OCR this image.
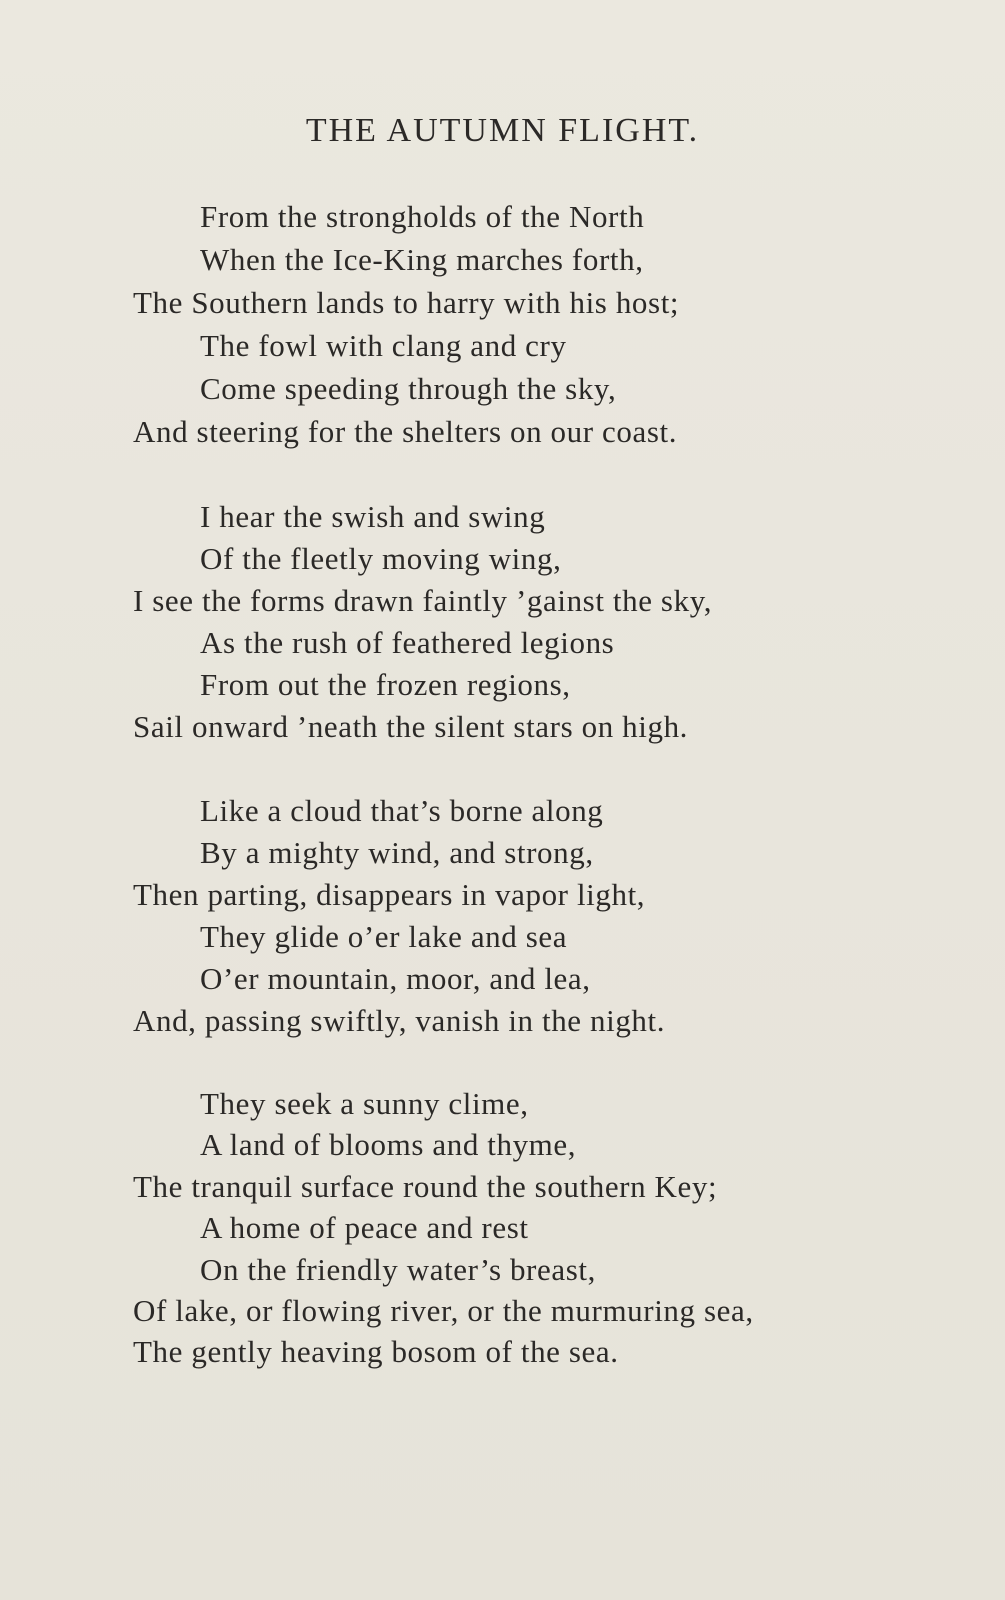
THE AUTUMN FLIGHT.
From the strongholds of the North
When the Ice-King marches forth,
The Southern lands to harry with his host;
The fowl with clang and cry
Come speeding through the sky,
And steering for the shelters on our coast.
I hear the swish and swing
Of the fleetly moving wing,
I see the forms drawn faintly ’gainst the sky,
As the rush of feathered legions
From out the frozen regions,
Sail onward ’neath the silent stars on high.
Like a cloud that’s borne along
By a mighty wind, and strong,
Then parting, disappears in vapor light,
They glide o’er lake and sea
O’er mountain, moor, and lea,
And, passing swiftly, vanish in the night.
They seek a sunny clime,
A land of blooms and thyme,
The tranquil surface round the southern Key;
A home of peace and rest
On the friendly water’s breast,
Of lake, or flowing river, or the murmuring sea,
The gently heaving bosom of the sea.
